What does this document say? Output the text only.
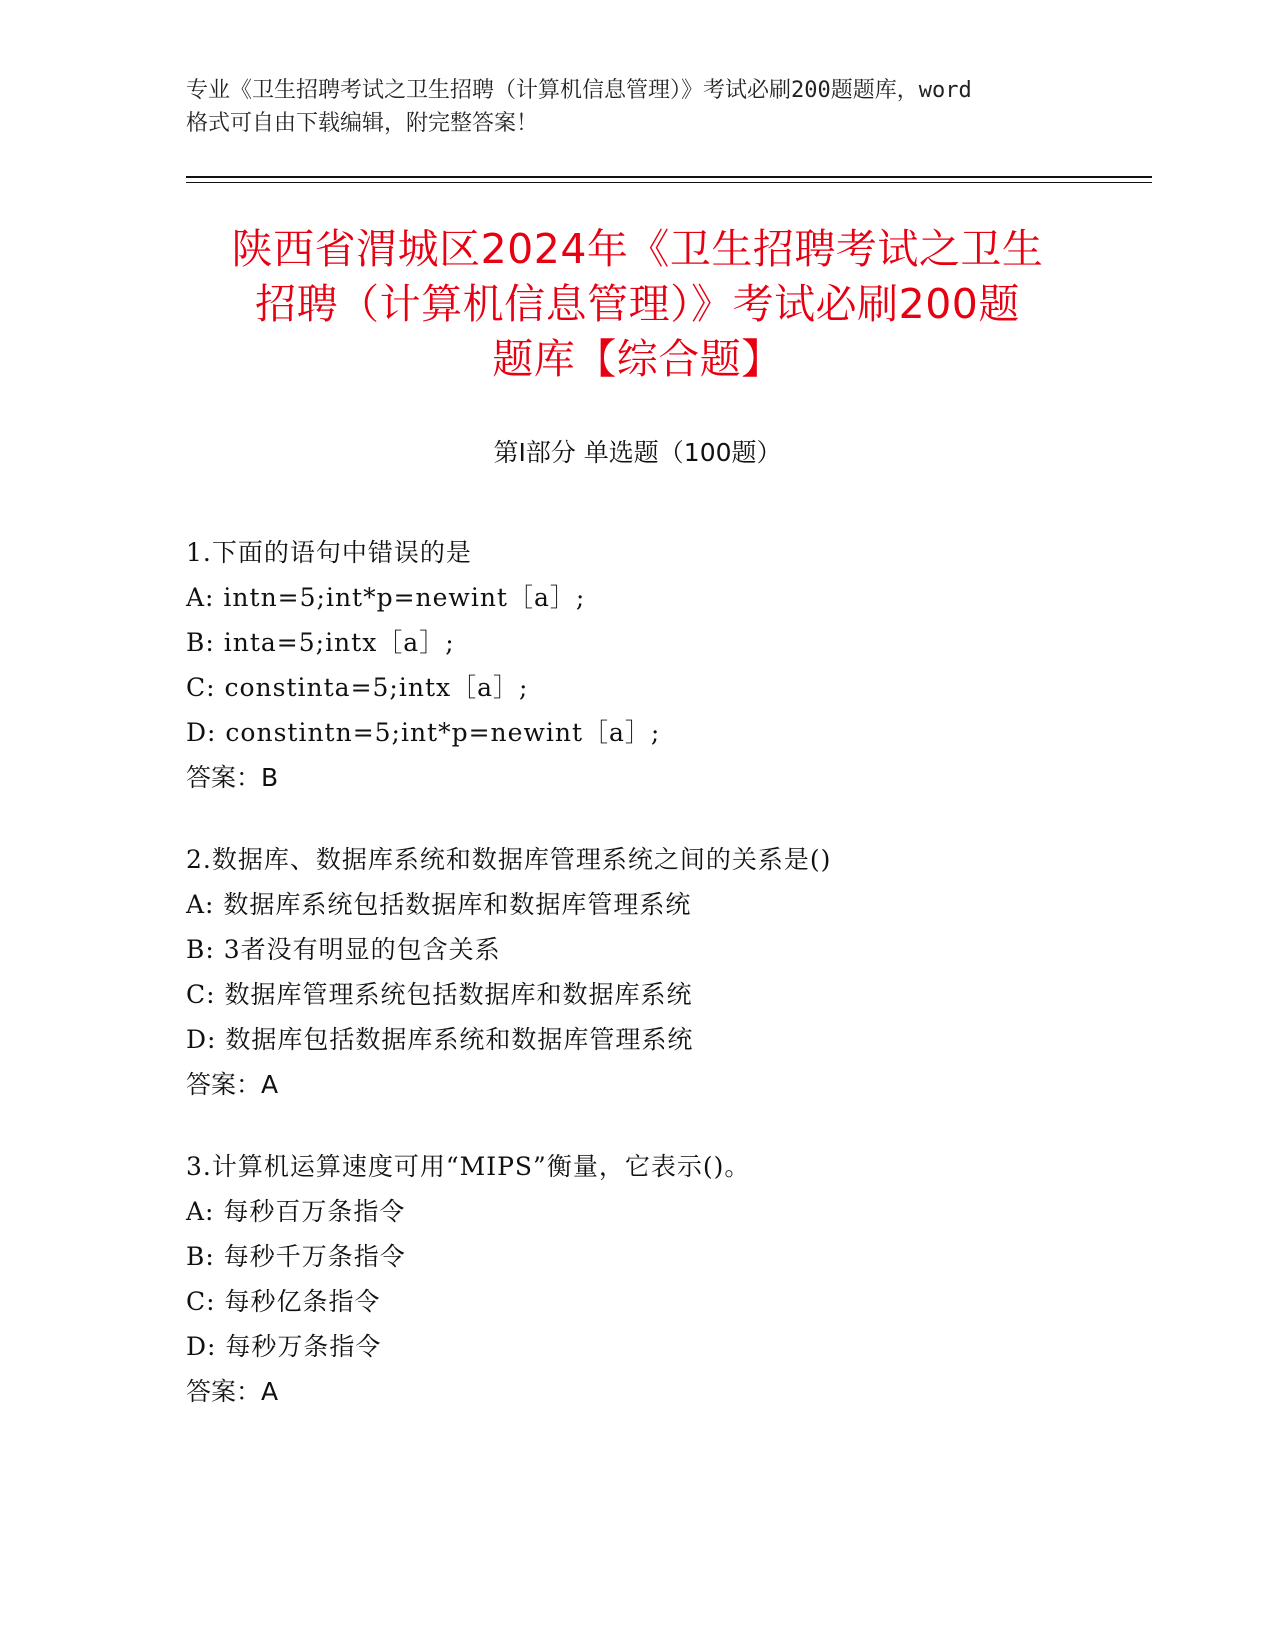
专业《卫生招聘考试之卫生招聘（计算机信息管理）》考试必刷200题题库，word
格式可自由下载编辑，附完整答案！
陕西省渭城区2024年《卫生招聘考试之卫生
招聘（计算机信息管理）》考试必刷200题
题库【综合题】
第I部分 单选题（100题）
1.下面的语句中错误的是
A: intn=5;int*p=newint［a］;
B: inta=5;intx［a］;
C: constinta=5;intx［a］;
D: constintn=5;int*p=newint［a］;
答案：B
2.数据库、数据库系统和数据库管理系统之间的关系是()
A: 数据库系统包括数据库和数据库管理系统
B: 3者没有明显的包含关系
C: 数据库管理系统包括数据库和数据库系统
D: 数据库包括数据库系统和数据库管理系统
答案：A
3.计算机运算速度可用“MIPS”衡量，它表示()。
A: 每秒百万条指令
B: 每秒千万条指令
C: 每秒亿条指令
D: 每秒万条指令
答案：A
